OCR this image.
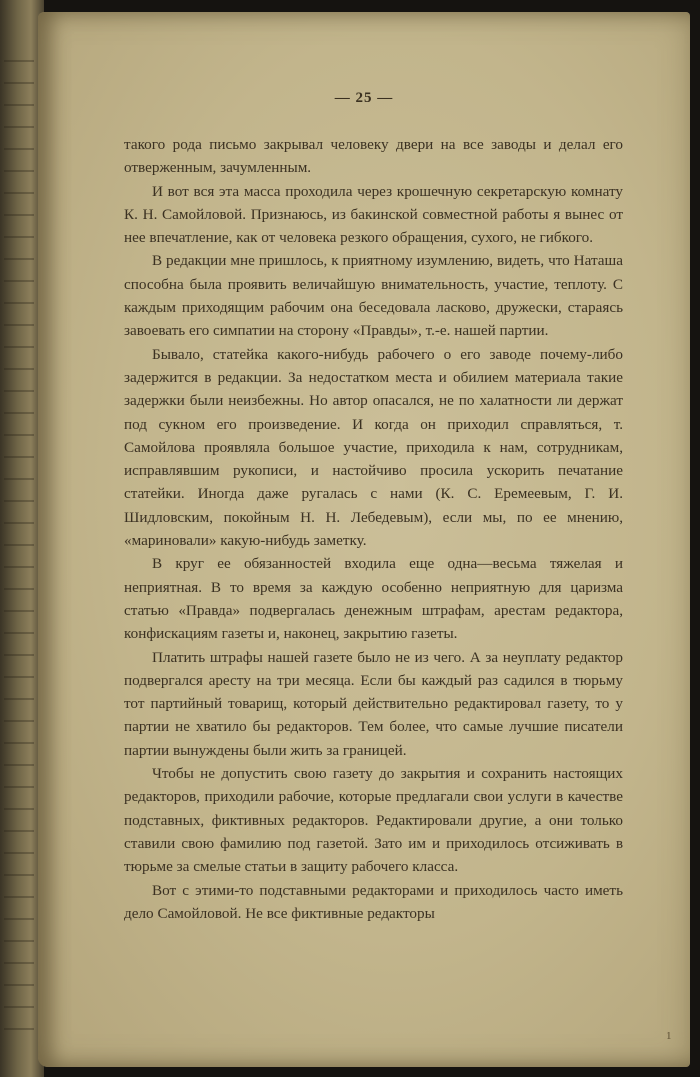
— 25 —

такого рода письмо закрывал человеку двери на все заводы и делал его отверженным, зачумленным.

И вот вся эта масса проходила через крошечную секретарскую комнату К. Н. Самойловой. Признаюсь, из бакинской совместной работы я вынес от нее впечатление, как от человека резкого обращения, сухого, не гибкого.

В редакции мне пришлось, к приятному изумлению, видеть, что Наташа способна была проявить величайшую внимательность, участие, теплоту. С каждым приходящим рабочим она беседовала ласково, дружески, стараясь завоевать его симпатии на сторону «Правды», т.-е. нашей партии.

Бывало, статейка какого-нибудь рабочего о его заводе почему-либо задержится в редакции. За недостатком места и обилием материала такие задержки были неизбежны. Но автор опасался, не по халатности ли держат под сукном его произведение. И когда он приходил справляться, т. Самойлова проявляла большое участие, приходила к нам, сотрудникам, исправлявшим рукописи, и настойчиво просила ускорить печатание статейки. Иногда даже ругалась с нами (К. С. Еремеевым, Г. И. Шидловским, покойным Н. Н. Лебедевым), если мы, по ее мнению, «мариновали» какую-нибудь заметку.

В круг ее обязанностей входила еще одна—весьма тяжелая и неприятная. В то время за каждую особенно неприятную для царизма статью «Правда» подвергалась денежным штрафам, арестам редактора, конфискациям газеты и, наконец, закрытию газеты.

Платить штрафы нашей газете было не из чего. А за неуплату редактор подвергался аресту на три месяца. Если бы каждый раз садился в тюрьму тот партийный товарищ, который действительно редактировал газету, то у партии не хватило бы редакторов. Тем более, что самые лучшие писатели партии вынуждены были жить за границей.

Чтобы не допустить свою газету до закрытия и сохранить настоящих редакторов, приходили рабочие, которые предлагали свои услуги в качестве подставных, фиктивных редакторов. Редактировали другие, а они только ставили свою фамилию под газетой. Зато им и приходилось отсиживать в тюрьме за смелые статьи в защиту рабочего класса.

Вот с этими-то подставными редакторами и приходилось часто иметь дело Самойловой. Не все фиктивные редакторы

1
